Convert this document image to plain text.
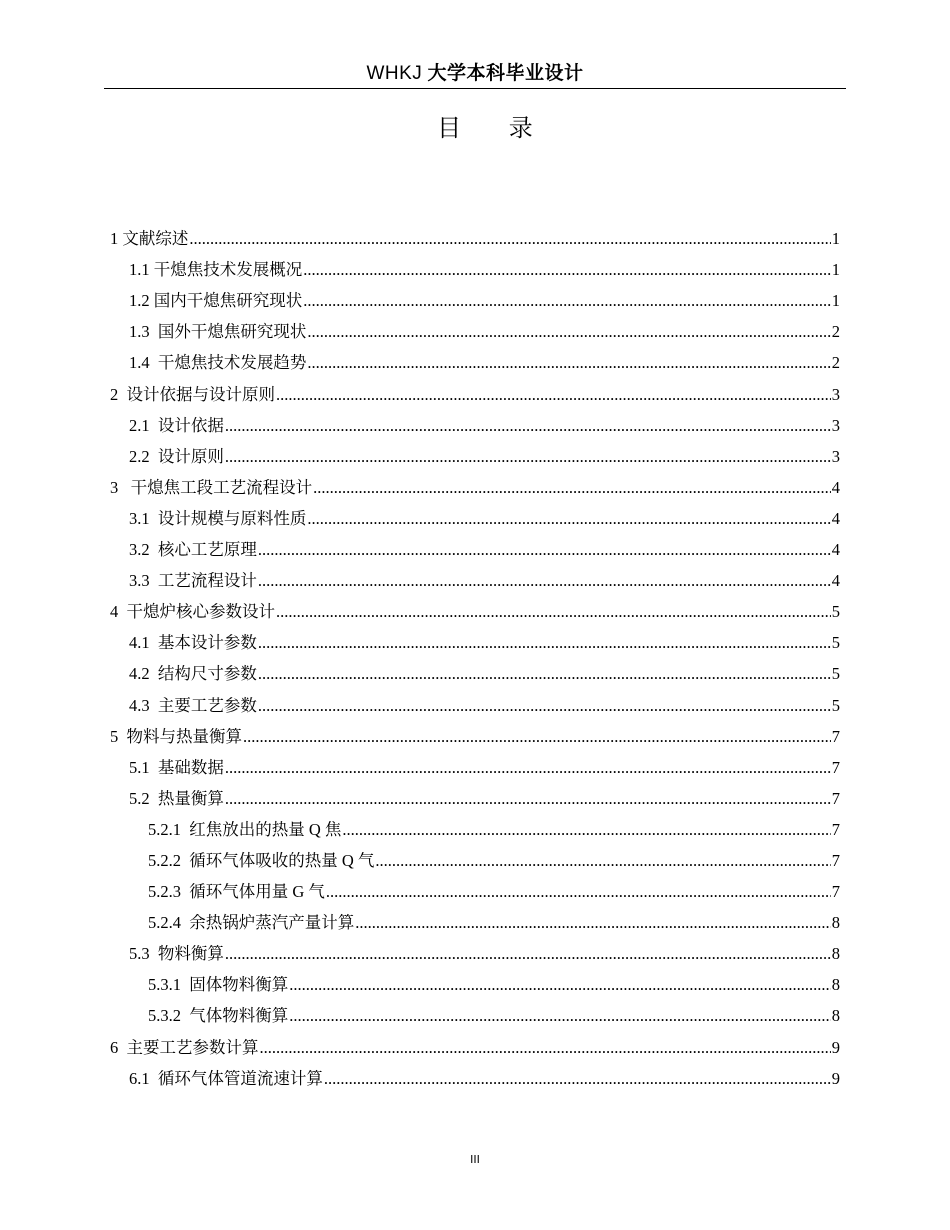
WHKJ 大学本科毕业设计
目 录
1 文献综述 .....	1
1.1 干熄焦技术发展概况 .....	1
1.2 国内干熄焦研究现状 .....	1
1.3  国外干熄焦研究现状 .....	2
1.4  干熄焦技术发展趋势 .....	2
2  设计依据与设计原则 .....	3
2.1  设计依据 .....	3
2.2  设计原则 .....	3
3   干熄焦工段工艺流程设计 .....	4
3.1  设计规模与原料性质 .....	4
3.2  核心工艺原理 .....	4
3.3  工艺流程设计 .....	4
4  干熄炉核心参数设计 .....	5
4.1  基本设计参数 .....	5
4.2  结构尺寸参数 .....	5
4.3  主要工艺参数 .....	5
5  物料与热量衡算 .....	7
5.1  基础数据 .....	7
5.2  热量衡算 .....	7
5.2.1  红焦放出的热量 Q 焦 .....	7
5.2.2  循环气体吸收的热量 Q 气 .....	7
5.2.3  循环气体用量 G 气 .....	7
5.2.4  余热锅炉蒸汽产量计算 .....	8
5.3  物料衡算 .....	8
5.3.1  固体物料衡算 .....	8
5.3.2  气体物料衡算 .....	8
6  主要工艺参数计算 .....	9
6.1  循环气体管道流速计算 .....	9
III
